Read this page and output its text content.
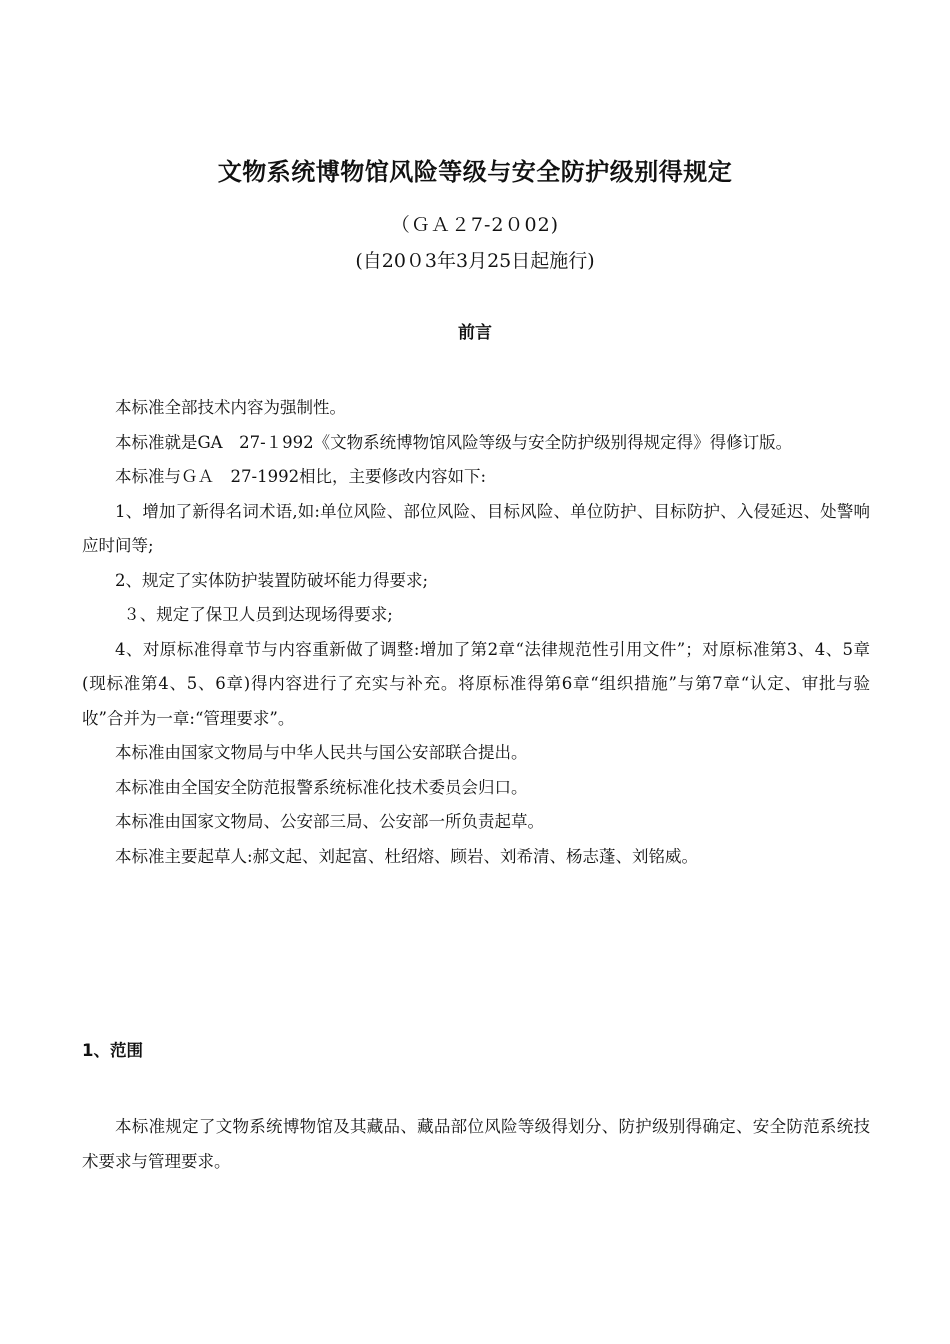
文物系统博物馆风险等级与安全防护级别得规定
（ＧＡ２7-2０02)
(自20０3年3月25日起施行)
前言

本标准全部技术内容为强制性。

本标准就是GA　27-１992《文物系统博物馆风险等级与安全防护级别得规定得》得修订版。

本标准与ＧＡ　27-1992相比，主要修改内容如下:

1、增加了新得名词术语,如:单位风险、部位风险、目标风险、单位防护、目标防护、入侵延迟、处警响应时间等;

2、规定了实体防护装置防破坏能力得要求;

３、规定了保卫人员到达现场得要求;

4、对原标准得章节与内容重新做了调整:增加了第2章“法律规范性引用文件”；对原标准第3、4、5章(现标准第4、5、6章)得内容进行了充实与补充。将原标准得第6章“组织措施”与第7章“认定、审批与验收”合并为一章:“管理要求”。

本标准由国家文物局与中华人民共与国公安部联合提出。

本标准由全国安全防范报警系统标准化技术委员会归口。

本标准由国家文物局、公安部三局、公安部一所负责起草。

本标准主要起草人:郝文起、刘起富、杜绍熔、顾岩、刘希清、杨志蓬、刘铭威。

1、范围

本标准规定了文物系统博物馆及其藏品、藏品部位风险等级得划分、防护级别得确定、安全防范系统技术要求与管理要求。
